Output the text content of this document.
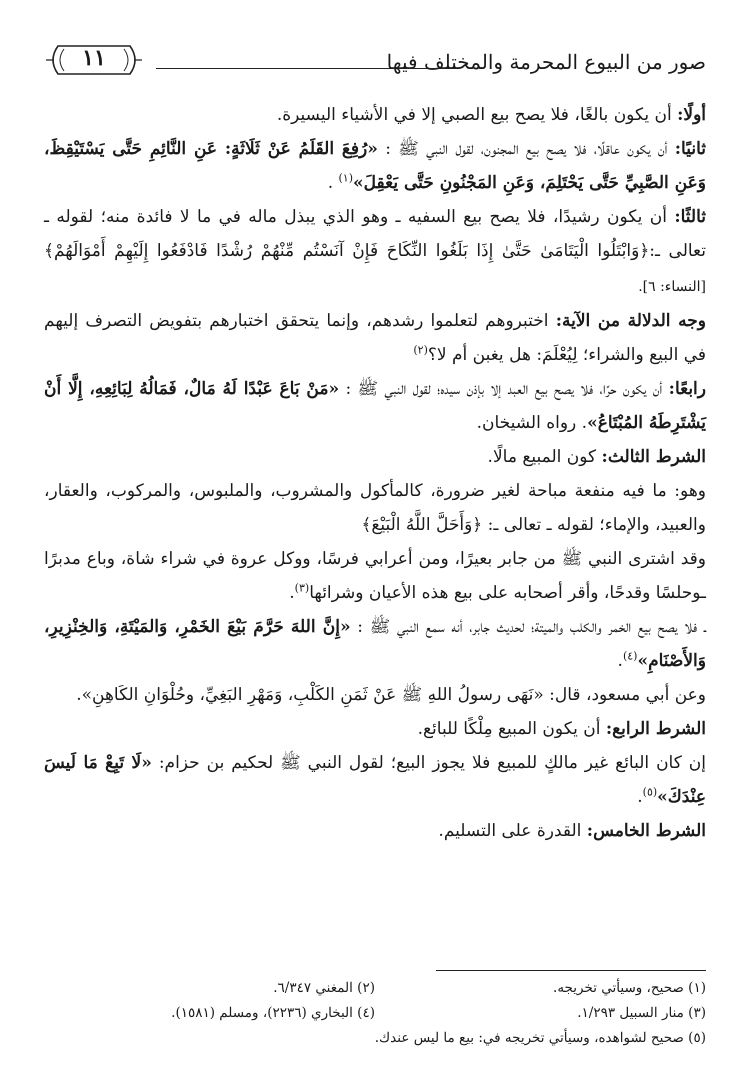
صور من البيوع المحرمة والمختلف فيها
١١

أولًا: أن يكون بالغًا، فلا يصح بيع الصبي إلا في الأشياء اليسيرة.

ثانيًا: أن يكون عاقلًا، فلا يصح بيع المجنون، لقول النبي ﷺ : «رُفِعَ القَلَمُ عَنْ ثَلَاثَةٍ: عَنِ النَّائِمِ حَتَّى يَسْتَيْقِظَ، وَعَنِ الصَّبِيِّ حَتَّى يَحْتَلِمَ، وَعَنِ المَجْنُونِ حَتَّى يَعْقِلَ»$^{(١)}$ .

ثالثًا: أن يكون رشيدًا، فلا يصح بيع السفيه ـ وهو الذي يبذل ماله في ما لا فائدة منه؛ لقوله ـ تعالى ـ:﴿وَابْتَلُوا الْيَتَامَىٰ حَتَّىٰ إِذَا بَلَغُوا النِّكَاحَ فَإِنْ آنَسْتُم مِّنْهُمْ رُشْدًا فَادْفَعُوا إِلَيْهِمْ أَمْوَالَهُمْ﴾ [النساء: ٦].

وجه الدلالة من الآية: اختبروهم لتعلموا رشدهم، وإنما يتحقق اختبارهم بتفويض التصرف إليهم في البيع والشراء؛ لِيُعْلَمَ: هل يغبن أم لا؟$^{(٢)}$

رابعًا: أن يكون حرًا، فلا يصح بيع العبد إلا بإذن سيده؛ لقول النبي ﷺ : «مَنْ بَاعَ عَبْدًا لَهُ مَالٌ، فَمَالُهُ لِبَائِعِهِ، إِلَّا أَنْ يَشْتَرِطَهُ المُبْتَاعُ». رواه الشيخان.

الشرط الثالث: كون المبيع مالًا.

وهو: ما فيه منفعة مباحة لغير ضرورة، كالمأكول والمشروب، والملبوس، والمركوب، والعقار، والعبيد، والإماء؛ لقوله ـ تعالى ـ: ﴿وَأَحَلَّ اللَّهُ الْبَيْعَ﴾

وقد اشترى النبي ﷺ من جابر بعيرًا، ومن أعرابي فرسًا، ووكل عروة في شراء شاة، وباع مدبرًا ـوحلسًا وقدحًا، وأقر أصحابه على بيع هذه الأعيان وشرائها$^{(٣)}$.

ـ فلا يصح بيع الخمر والكلب والميتة؛ لحديث جابر، أنه سمع النبي ﷺ : «إِنَّ اللهَ حَرَّمَ بَيْعَ الخَمْرِ، وَالمَيْتَةِ، وَالخِنْزِيرِ، وَالأَصْنَامِ»$^{(٤)}$.

وعن أبي مسعود، قال: «نَهَى رسولُ اللهِ ﷺ عَنْ ثَمَنِ الكَلْبِ، وَمَهْرِ البَغِيِّ، وحُلْوَانِ الكَاهِنِ».

الشرط الرابع: أن يكون المبيع مِلْكًا للبائع.

إن كان البائع غير مالكٍ للمبيع فلا يجوز البيع؛ لقول النبي ﷺ لحكيم بن حزام: «لَا تَبِعْ مَا لَيسَ عِنْدَكَ»$^{(٥)}$.

الشرط الخامس: القدرة على التسليم.

(١) صحيح، وسيأتي تخريجه.
(٢) المغني ٦/٣٤٧.
(٣) منار السبيل ١/٢٩٣.
(٤) البخاري (٢٢٣٦)، ومسلم (١٥٨١).
(٥) صحيح لشواهده، وسيأتي تخريجه في: بيع ما ليس عندك.
